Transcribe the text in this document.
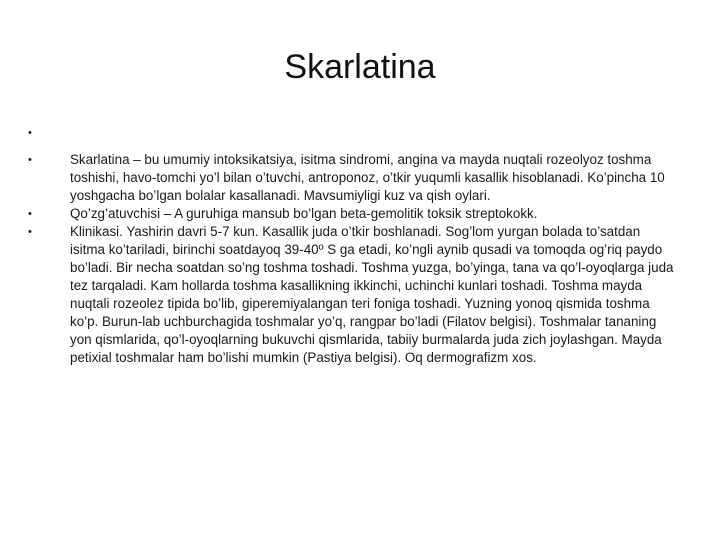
Skarlatina
•
•	Skarlatina – bu umumiy intoksikatsiya, isitma sindromi, angina va mayda nuqtali rozeolyoz toshma toshishi, havo-tomchi yo’l bilan o’tuvchi, antroponoz, o’tkir yuqumli kasallik hisoblanadi. Ko’pincha 10 yoshgacha bo’lgan bolalar kasallanadi. Mavsumiyligi kuz va qish oylari.
•	Qo’zg’atuvchisi – A guruhiga mansub bo’lgan beta-gemolitik toksik streptokokk.
•	Klinikasi. Yashirin davri 5-7 kun. Kasallik juda o’tkir boshlanadi. Sog’lom yurgan bolada to’satdan isitma ko’tariladi, birinchi soatdayoq 39-40º S ga etadi, ko’ngli aynib qusadi va tomoqda og’riq paydo bo’ladi. Bir necha soatdan so’ng toshma toshadi. Toshma yuzga, bo’yinga, tana va qo’l-oyoqlarga juda tez tarqaladi. Kam hollarda toshma kasallikning ikkinchi, uchinchi kunlari toshadi. Toshma mayda nuqtali rozeolez tipida bo’lib, giperemiyalangan teri foniga toshadi. Yuzning yonoq qismida toshma ko’p. Burun-lab uchburchagida toshmalar yo’q, rangpar bo’ladi (Filatov belgisi). Toshmalar tananing yon qismlarida, qo’l-oyoqlarning bukuvchi qismlarida, tabiiy burmalarda juda zich joylashgan. Mayda petixial toshmalar ham bo’lishi mumkin (Pastiya belgisi). Oq dermografizm xos.
